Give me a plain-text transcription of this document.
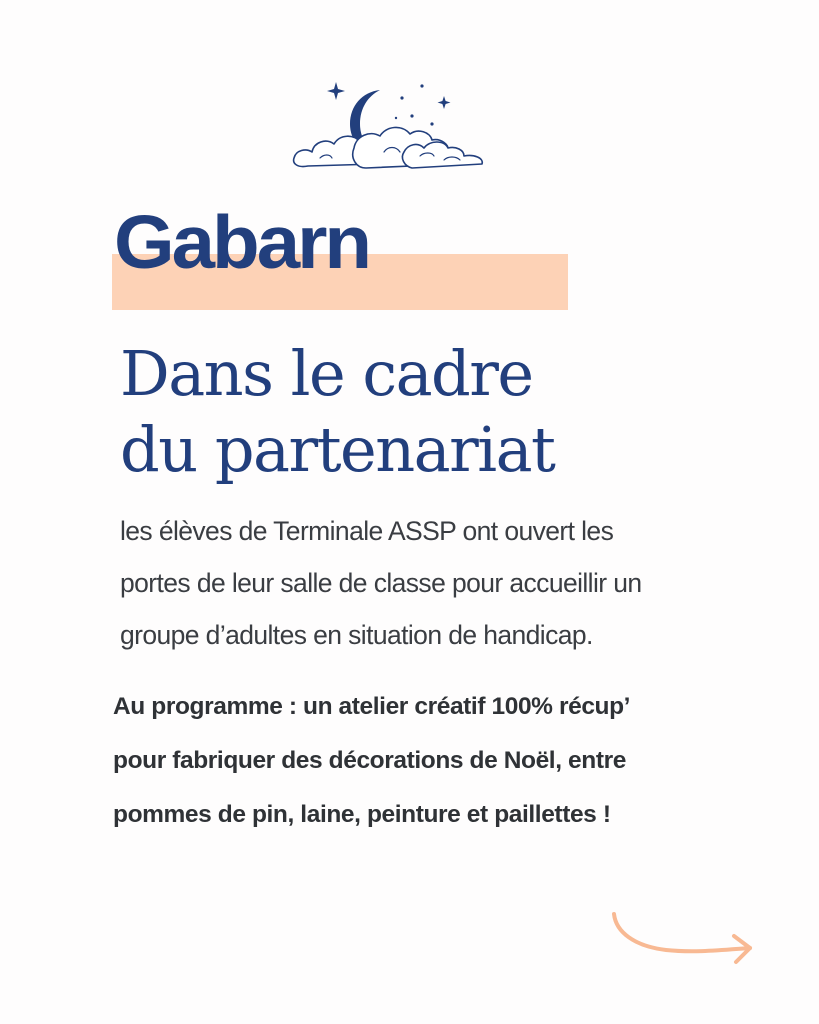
Gabarn
Dans le cadre
du partenariat

les élèves de Terminale ASSP ont ouvert les
portes de leur salle de classe pour accueillir un
groupe d’adultes en situation de handicap.

Au programme : un atelier créatif 100% récup’
pour fabriquer des décorations de Noël, entre
pommes de pin, laine, peinture et paillettes !
